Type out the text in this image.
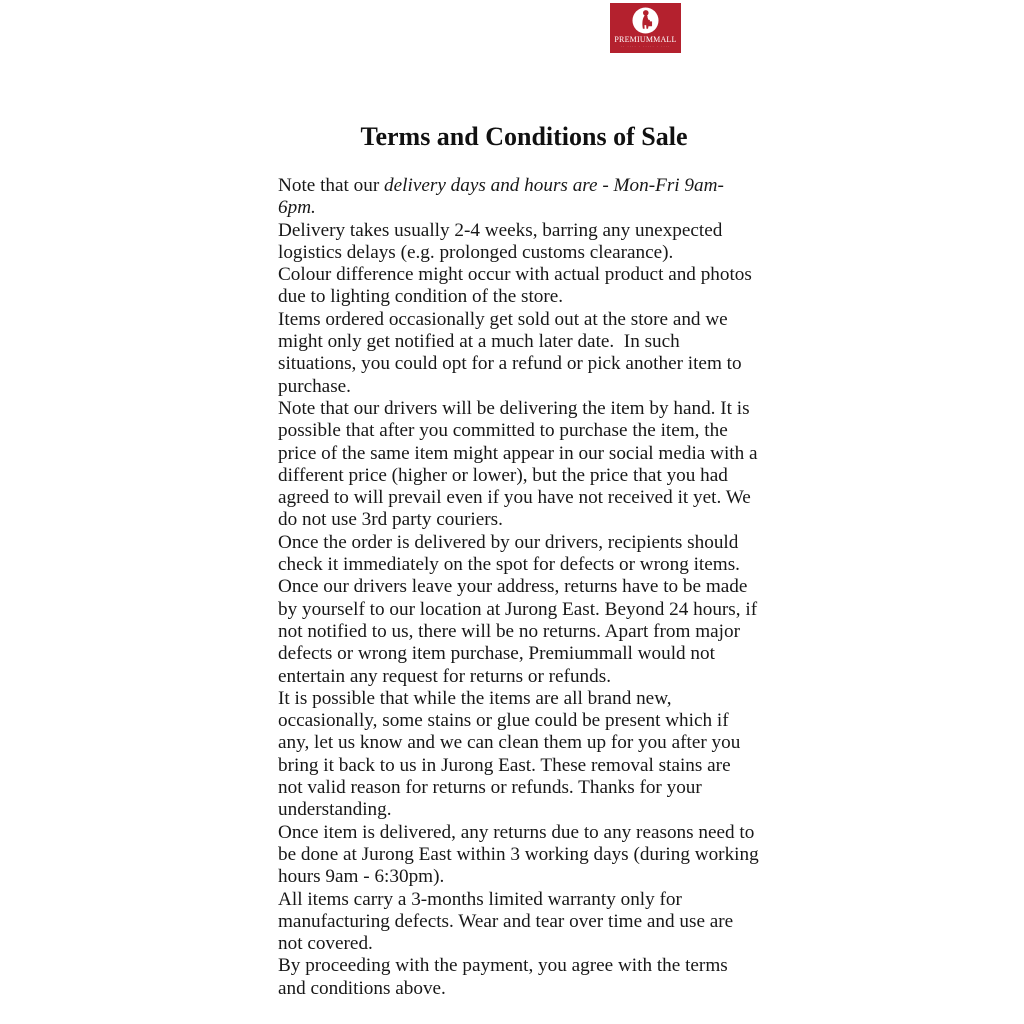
PREMIUMMALL
·· ···· · ····· · ····
Terms and Conditions of Sale
Note that our delivery days and hours are - Mon-Fri 9am-
6pm.
Delivery takes usually 2-4 weeks, barring any unexpected
logistics delays (e.g. prolonged customs clearance).
Colour difference might occur with actual product and photos
due to lighting condition of the store.
Items ordered occasionally get sold out at the store and we
might only get notified at a much later date.  In such
situations, you could opt for a refund or pick another item to
purchase.
Note that our drivers will be delivering the item by hand. It is
possible that after you committed to purchase the item, the
price of the same item might appear in our social media with a
different price (higher or lower), but the price that you had
agreed to will prevail even if you have not received it yet. We
do not use 3rd party couriers.
Once the order is delivered by our drivers, recipients should
check it immediately on the spot for defects or wrong items.
Once our drivers leave your address, returns have to be made
by yourself to our location at Jurong East. Beyond 24 hours, if
not notified to us, there will be no returns. Apart from major
defects or wrong item purchase, Premiummall would not
entertain any request for returns or refunds.
It is possible that while the items are all brand new,
occasionally, some stains or glue could be present which if
any, let us know and we can clean them up for you after you
bring it back to us in Jurong East. These removal stains are
not valid reason for returns or refunds. Thanks for your
understanding.
Once item is delivered, any returns due to any reasons need to
be done at Jurong East within 3 working days (during working
hours 9am - 6:30pm).
All items carry a 3-months limited warranty only for
manufacturing defects. Wear and tear over time and use are
not covered.
By proceeding with the payment, you agree with the terms
and conditions above.
